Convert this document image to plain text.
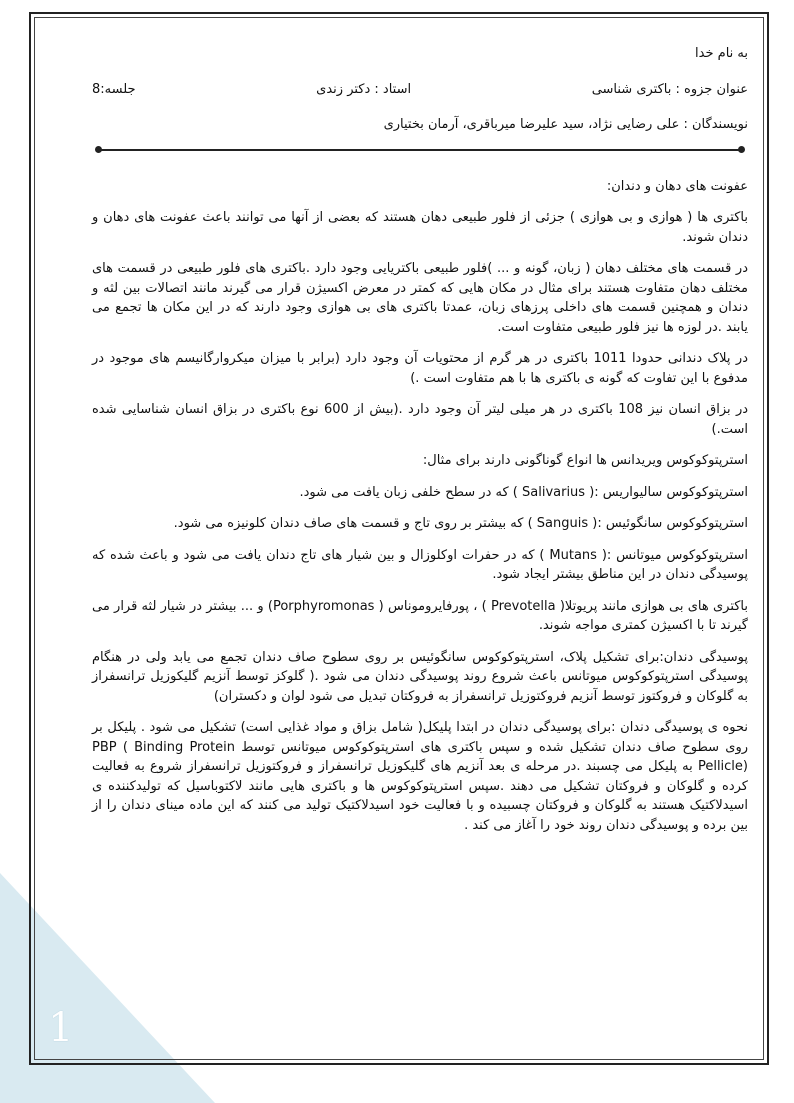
به نام خدا

عنوان جزوه : باکتری شناسی
استاد : دکتر زندی
جلسه:8

نویسندگان : علی رضایی نژاد، سید علیرضا میرباقری، آرمان بختیاری

عفونت های دهان و دندان:

باکتری ها ( هوازی و بی هوازی ) جزئی از فلور طبیعی دهان هستند که بعضی از آنها می توانند باعث عفونت های دهان و دندان شوند.

در قسمت های مختلف دهان ( زبان، گونه و ... )فلور طبیعی باکتریایی وجود دارد .باکتری های فلور طبیعی در قسمت های مختلف دهان متفاوت هستند برای مثال در مکان هایی که کمتر در معرض اکسیژن قرار می گیرند مانند اتصالات بین لثه و دندان و همچنین قسمت های داخلی پرزهای زبان، عمدتا باکتری های بی هوازی وجود دارند که در این مکان ها تجمع می یابند .در لوزه ها نیز فلور طبیعی متفاوت است.

در پلاک دندانی حدودا 1011 باکتری در هر گرم از محتویات آن وجود دارد (برابر با میزان میکروارگانیسم های موجود در مدفوع با این تفاوت که گونه ی باکتری ها با هم متفاوت است .)

در بزاق انسان نیز 108 باکتری در هر میلی لیتر آن وجود دارد .(بیش از 600 نوع باکتری در بزاق انسان شناسایی شده است.)

استرپتوکوکوس ویریدانس ها انواع گوناگونی دارند برای مثال:

استرپتوکوکوس سالیواریس :( Salivarius ) که در سطح خلفی زبان یافت می شود.

استرپتوکوکوس سانگوئیس :( Sanguis ) که بیشتر بر روی تاج و قسمت های صاف دندان کلونیزه می شود.

استرپتوکوکوس میوتانس :( Mutans ) که در حفرات اوکلوزال و بین شیار های تاج دندان یافت می شود و باعث شده که پوسیدگی دندان در این مناطق بیشتر ایجاد شود.

باکتری های بی هوازی مانند پریوتلا( Prevotella ) ، پورفایروموناس ( Porphyromonas) و ... بیشتر در شیار لثه قرار می گیرند تا با اکسیژن کمتری مواجه شوند.

پوسیدگی دندان:برای تشکیل پلاک، استرپتوکوکوس سانگوئیس بر روی سطوح صاف دندان تجمع می یابد ولی در هنگام پوسیدگی استرپتوکوکوس میوتانس باعث شروع روند پوسیدگی دندان می شود .( گلوکز توسط آنزیم گلیکوزیل ترانسفراز به گلوکان و فروکتوز توسط آنزیم فروکتوزیل ترانسفراز به فروکتان تبدیل می شود لوان و دکستران)

نحوه ی پوسیدگی دندان :برای پوسیدگی دندان در ابتدا پلیکل( شامل بزاق و مواد غذایی است) تشکیل می شود . پلیکل بر روی سطوح صاف دندان تشکیل شده و سپس باکتری های استرپتوکوکوس میوتانس توسط PBP ( Binding Protein Pellicle) به پلیکل می چسبند .در مرحله ی بعد آنزیم های گلیکوزیل ترانسفراز و فروکتوزیل ترانسفراز شروع به فعالیت کرده و گلوکان و فروکتان تشکیل می دهند .سپس استرپتوکوکوس ها و باکتری هایی مانند لاکتوباسیل که تولیدکننده ی اسیدلاکتیک هستند به گلوکان و فروکتان چسبیده و با فعالیت خود اسیدلاکتیک تولید می کنند که این ماده مینای دندان را از بین برده و پوسیدگی دندان روند خود را آغاز می کند .

1
